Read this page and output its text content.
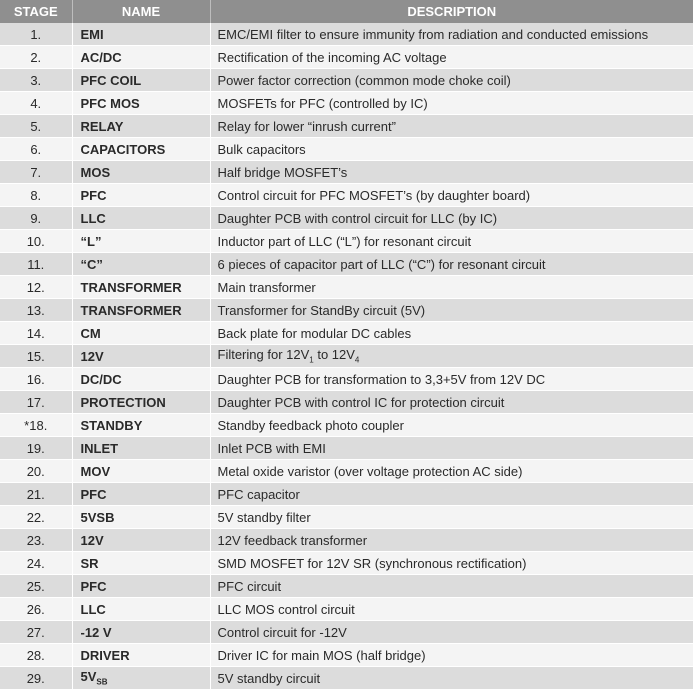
STAGE	NAME	DESCRIPTION
1.	EMI	EMC/EMI filter to ensure immunity from radiation and conducted emissions
2.	AC/DC	Rectification of the incoming AC voltage
3.	PFC COIL	Power factor correction (common mode choke coil)
4.	PFC MOS	MOSFETs for PFC (controlled by IC)
5.	RELAY	Relay for lower “inrush current”
6.	CAPACITORS	Bulk capacitors
7.	MOS	Half bridge MOSFET’s
8.	PFC	Control circuit for PFC MOSFET’s (by daughter board)
9.	LLC	Daughter PCB with control circuit for LLC (by IC)
10.	“L”	Inductor part of LLC (“L”) for resonant circuit
11.	“C”	6 pieces of capacitor part of LLC (“C”) for resonant circuit
12.	TRANSFORMER	Main transformer
13.	TRANSFORMER	Transformer for StandBy circuit (5V)
14.	CM	Back plate for modular DC cables
15.	12V	Filtering for $12V_1$ to $12V_4$
16.	DC/DC	Daughter PCB for transformation to 3,3+5V from 12V DC
17.	PROTECTION	Daughter PCB with control IC for protection circuit
*18.	STANDBY	Standby feedback photo coupler
19.	INLET	Inlet PCB with EMI
20.	MOV	Metal oxide varistor (over voltage protection AC side)
21.	PFC	PFC capacitor
22.	5VSB	5V standby filter
23.	12V	12V feedback transformer
24.	SR	SMD MOSFET for 12V SR (synchronous rectification)
25.	PFC	PFC circuit
26.	LLC	LLC MOS control circuit
27.	-12 V	Control circuit for -12V
28.	DRIVER	Driver IC for main MOS (half bridge)
29.	$5V_{SB}$	5V standby circuit
